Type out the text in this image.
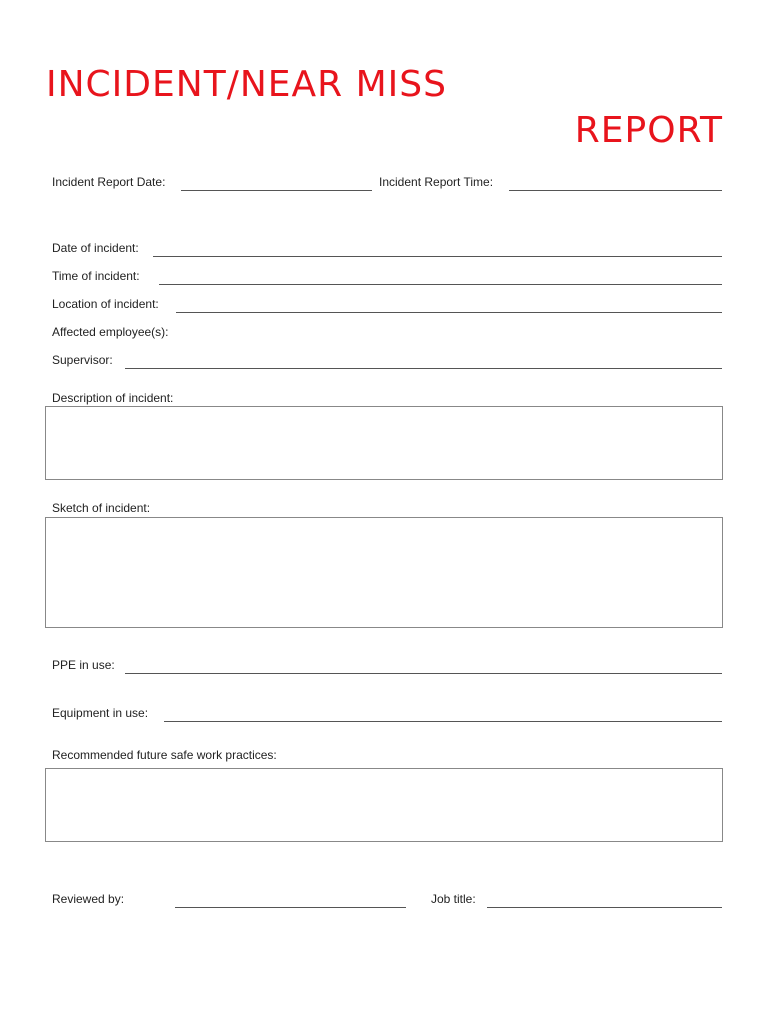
INCIDENT/NEAR MISS
REPORT
Incident Report Date:	Incident Report Time:
Date of incident:
Time of incident:
Location of incident:
Affected employee(s):
Supervisor:
Description of incident:
Sketch of incident:
PPE in use:
Equipment in use:
Recommended future safe work practices:
Reviewed by:	Job title:
